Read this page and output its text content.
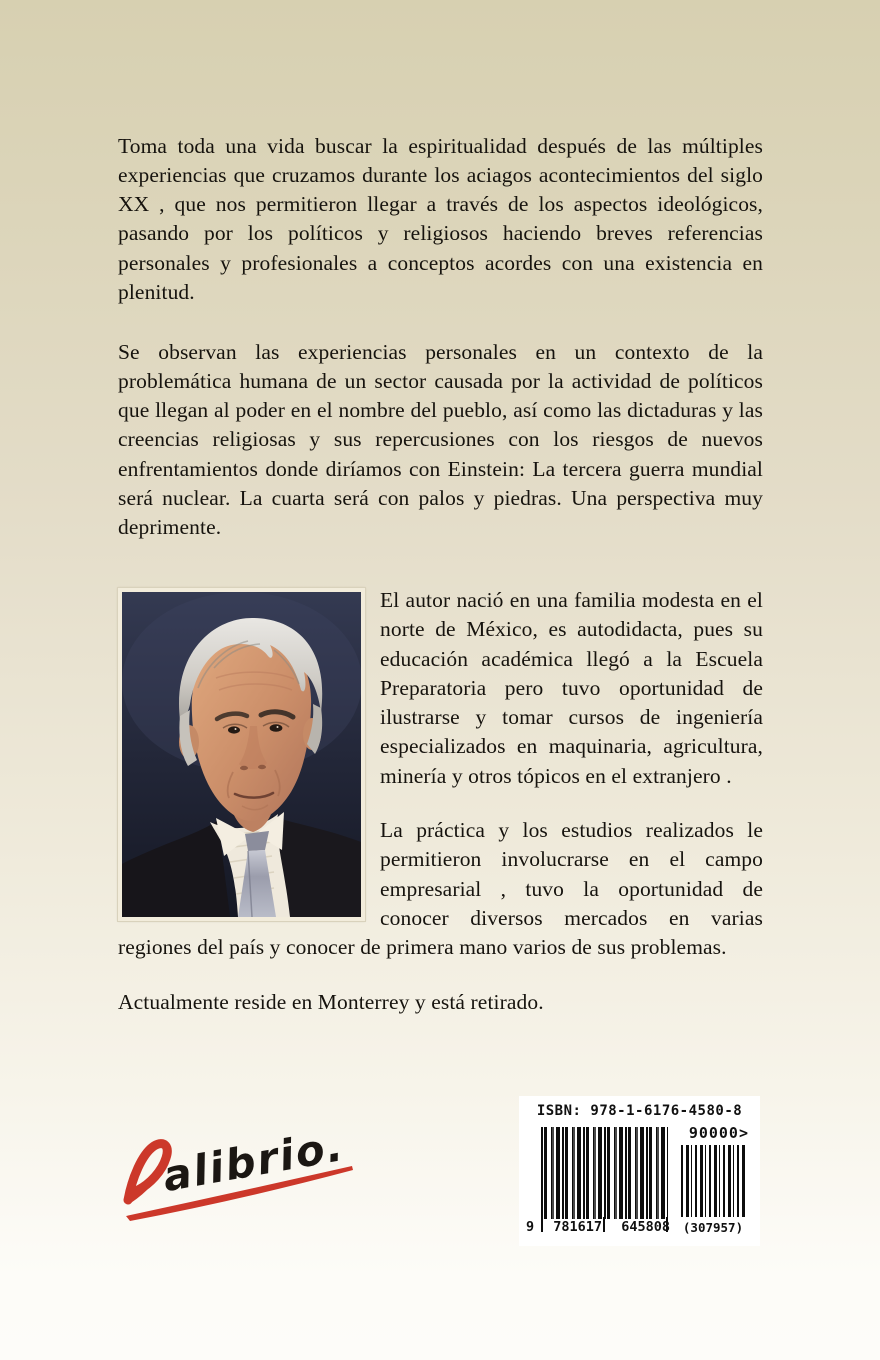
Toma toda una vida buscar la espiritualidad después de las múltiples experiencias que cruzamos durante los aciagos acontecimientos del siglo XX , que nos permitieron llegar a través de los aspectos ideológicos, pasando por los políticos y religiosos haciendo breves referencias personales y profesionales a conceptos acordes con una existencia en plenitud.

Se observan las experiencias personales en un contexto de la problemática humana de un sector causada por la actividad de políticos que llegan al poder en el nombre del pueblo, así como las dictaduras y las creencias religiosas y sus repercusiones con los riesgos de nuevos enfrentamientos donde diríamos con Einstein: La tercera guerra mundial será nuclear. La cuarta será con palos y piedras. Una perspectiva muy deprimente.

El autor nació en una familia modesta en el norte de México, es autodidacta, pues su educación académica llegó a la Escuela Preparatoria pero tuvo oportunidad de ilustrarse y tomar cursos de ingeniería especializados en maquinaria, agricultura, minería y otros tópicos en el extranjero .

La práctica y los estudios realizados le permitieron involucrarse en el campo empresarial , tuvo la oportunidad de conocer diversos mercados en varias regiones del país y conocer de primera mano varios de sus problemas.

Actualmente reside en Monterrey y está retirado.

alibrio.
ISBN: 978-1-6176-4580-8
90000>
9 781617 645808	(307957)
